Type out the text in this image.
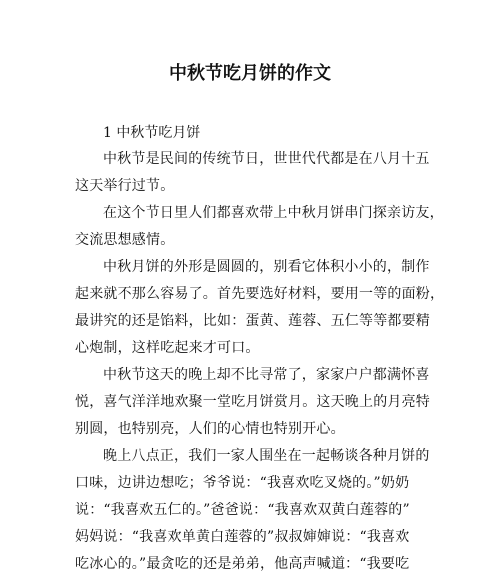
中秋节吃月饼的作文
1 中秋节吃月饼
中秋节是民间的传统节日，世世代代都是在八月十五
这天举行过节。
在这个节日里人们都喜欢带上中秋月饼串门探亲访友，
交流思想感情。
中秋月饼的外形是圆圆的，别看它体积小小的，制作
起来就不那么容易了。首先要选好材料，要用一等的面粉，
最讲究的还是馅料，比如：蛋黄、莲蓉、五仁等等都要精
心炮制，这样吃起来才可口。
中秋节这天的晚上却不比寻常了，家家户户都满怀喜
悦，喜气洋洋地欢聚一堂吃月饼赏月。这天晚上的月亮特
别圆，也特别亮，人们的心情也特别开心。
晚上八点正，我们一家人围坐在一起畅谈各种月饼的
口味，边讲边想吃；爷爷说：“我喜欢吃叉烧的。”奶奶
说：“我喜欢五仁的。”爸爸说：“我喜欢双黄白莲蓉的”
妈妈说：“我喜欢单黄白莲蓉的”叔叔婶婶说：“我喜欢
吃冰心的。”最贪吃的还是弟弟，他高声喊道：“我要吃
